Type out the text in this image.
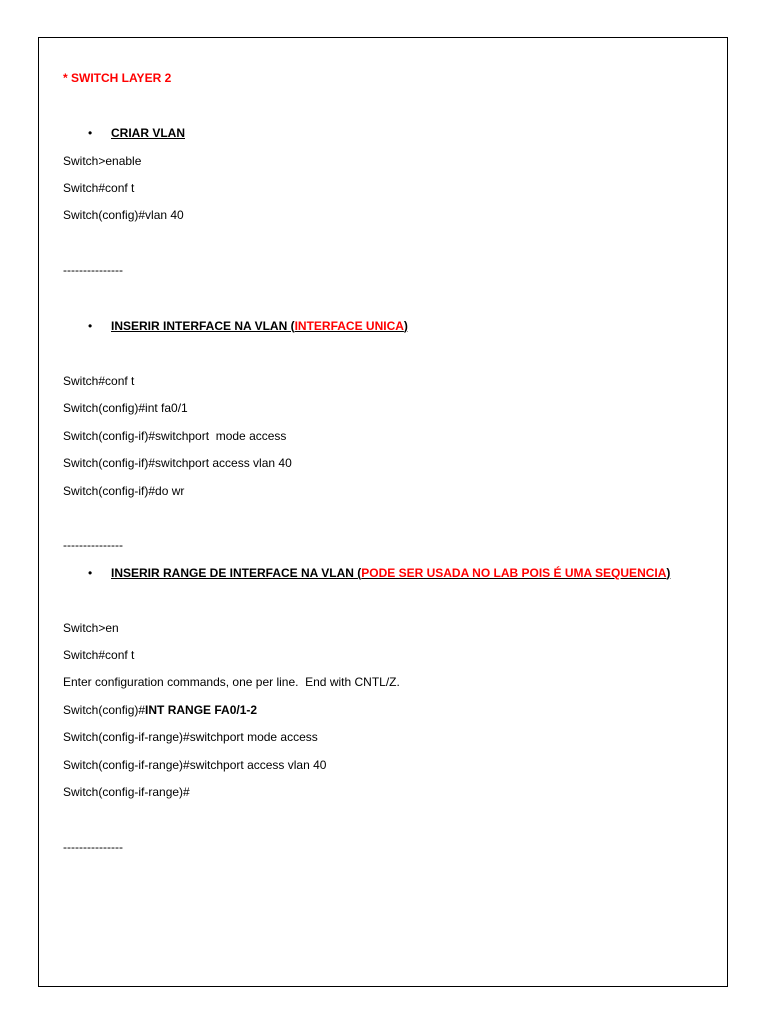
* SWITCH LAYER 2

•

CRIAR VLAN

Switch>enable
Switch#conf t
Switch(config)#vlan 40
---------------

•

INSERIR INTERFACE NA VLAN (INTERFACE UNICA)

Switch#conf t
Switch(config)#int fa0/1
Switch(config-if)#switchport  mode access
Switch(config-if)#switchport access vlan 40
Switch(config-if)#do wr
---------------

•

INSERIR RANGE DE INTERFACE NA VLAN (PODE SER USADA NO LAB POIS É UMA SEQUENCIA)

Switch>en
Switch#conf t
Enter configuration commands, one per line.  End with CNTL/Z.
Switch(config)#INT RANGE FA0/1-2
Switch(config-if-range)#switchport mode access
Switch(config-if-range)#switchport access vlan 40
Switch(config-if-range)#
---------------
